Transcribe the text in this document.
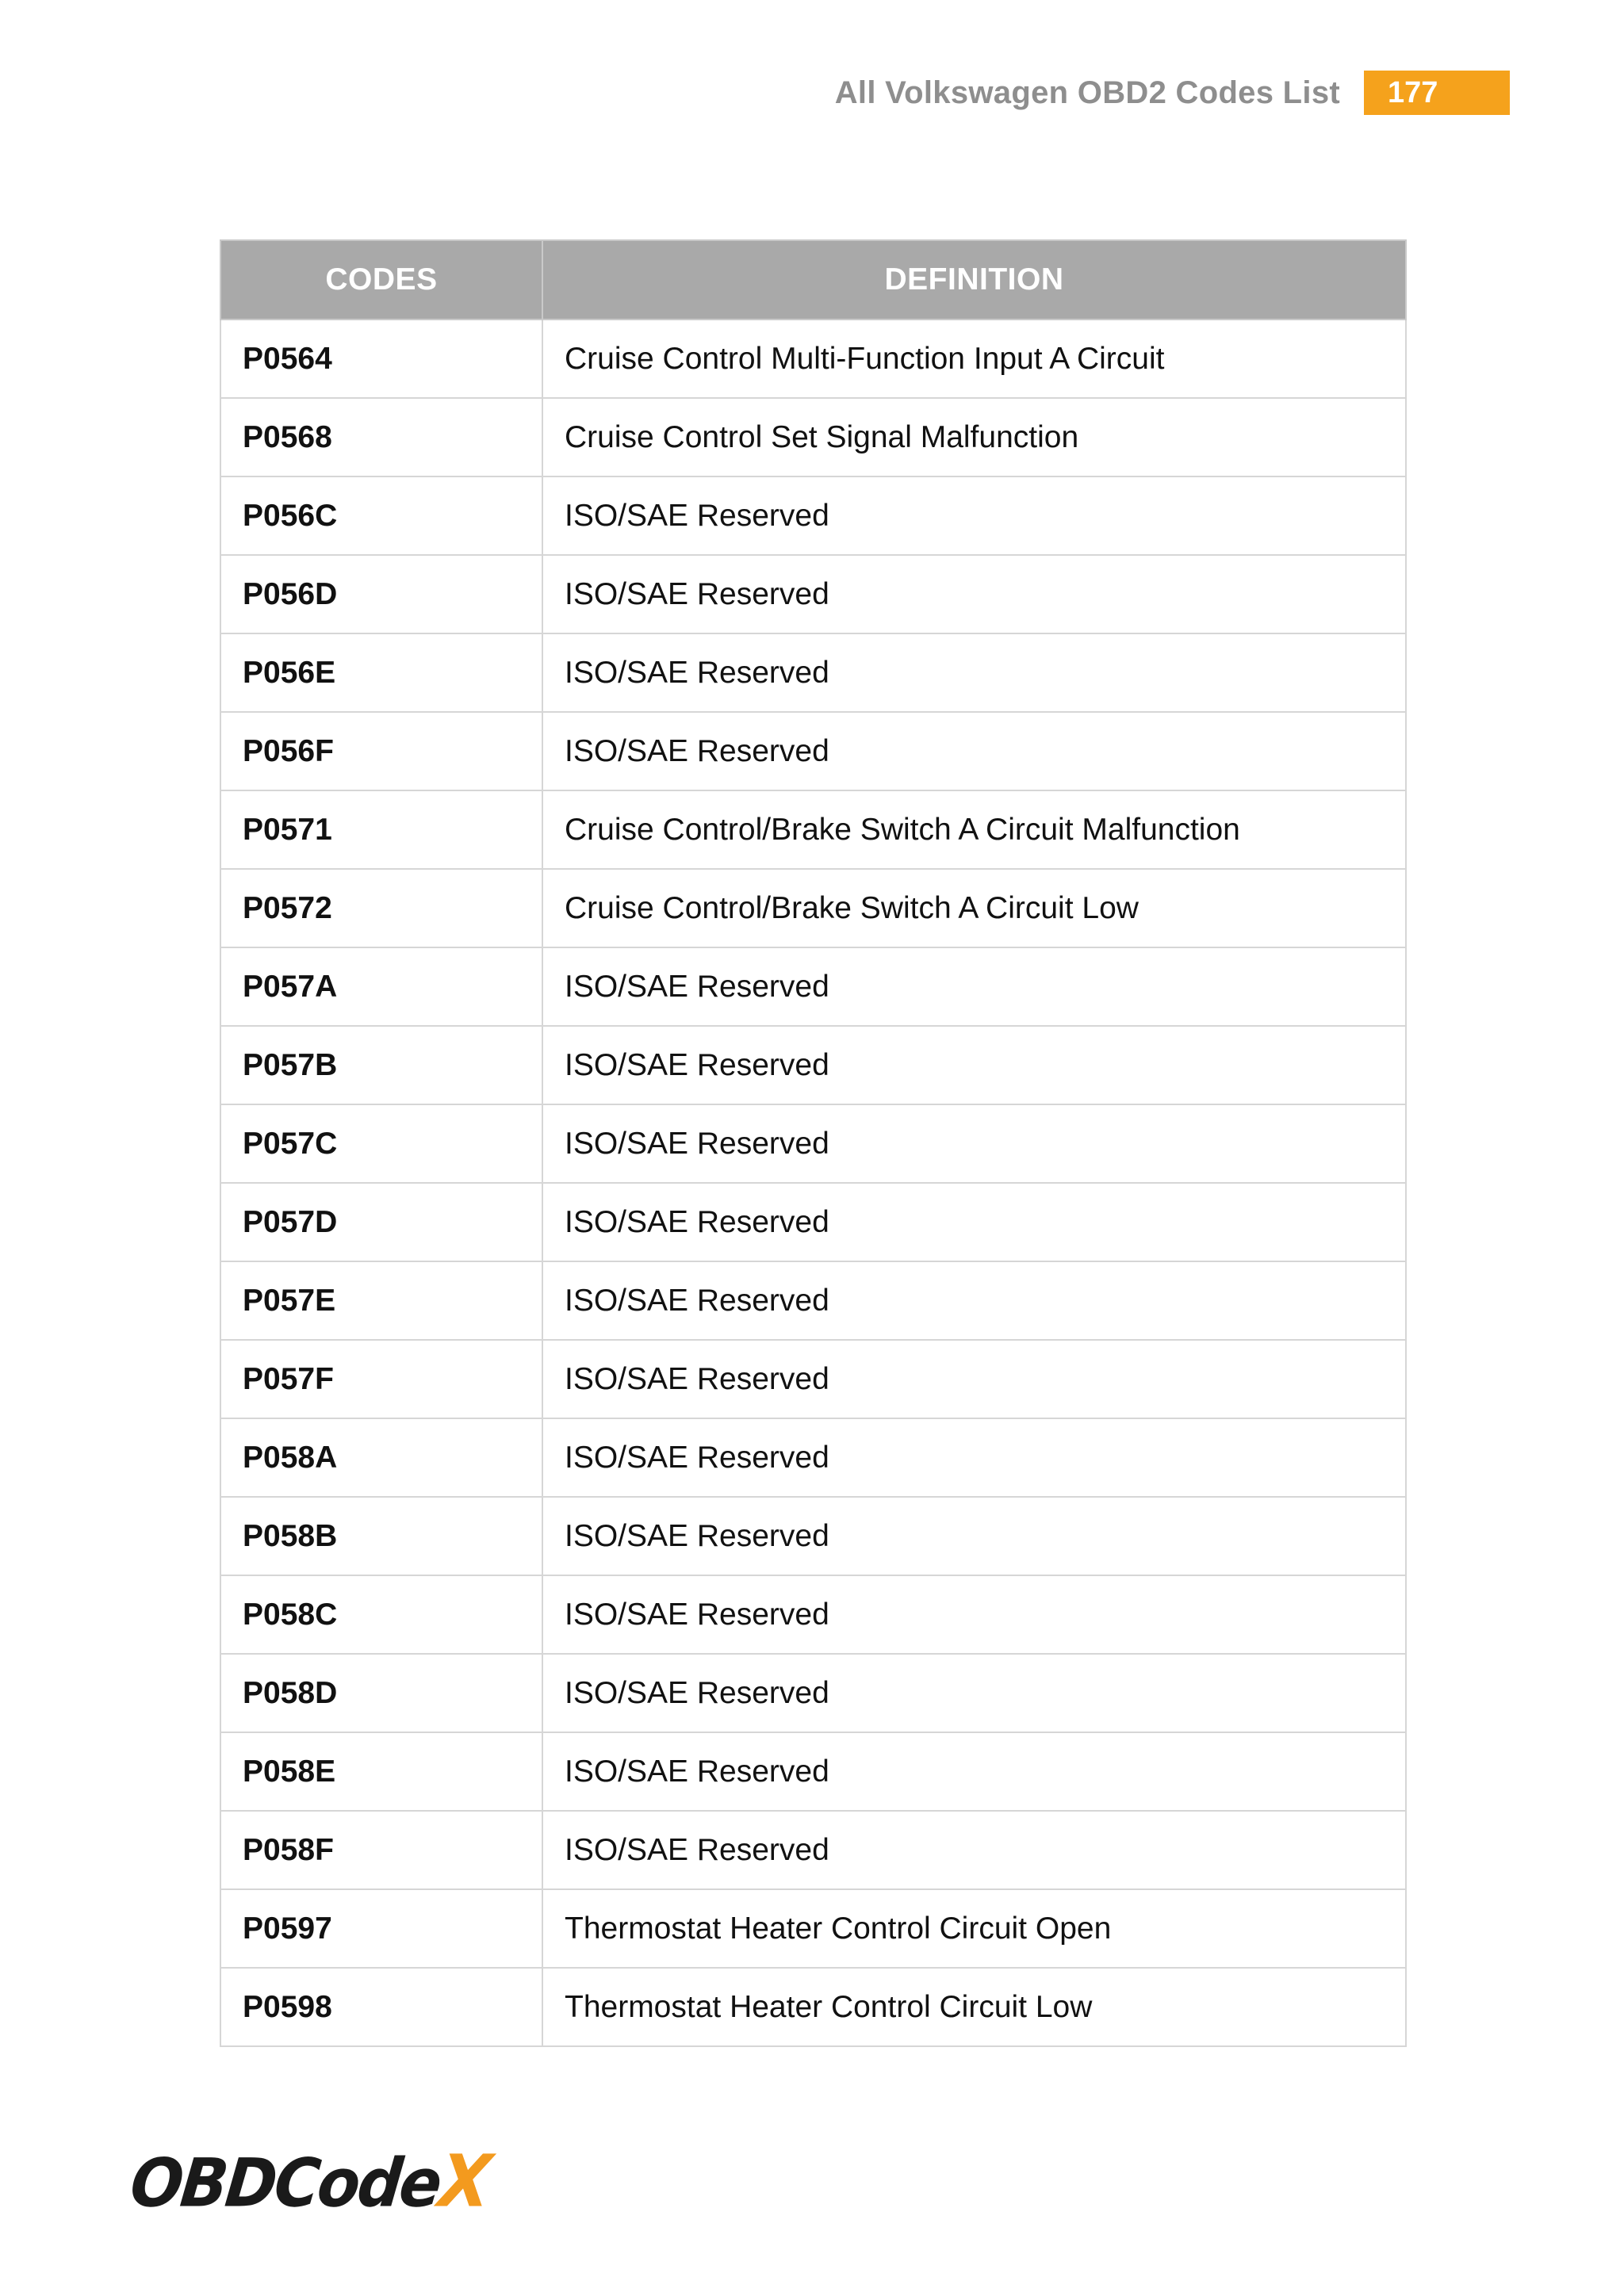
All Volkswagen OBD2 Codes List	177
CODES	DEFINITION
P0564	Cruise Control Multi-Function Input A Circuit
P0568	Cruise Control Set Signal Malfunction
P056C	ISO/SAE Reserved
P056D	ISO/SAE Reserved
P056E	ISO/SAE Reserved
P056F	ISO/SAE Reserved
P0571	Cruise Control/Brake Switch A Circuit Malfunction
P0572	Cruise Control/Brake Switch A Circuit Low
P057A	ISO/SAE Reserved
P057B	ISO/SAE Reserved
P057C	ISO/SAE Reserved
P057D	ISO/SAE Reserved
P057E	ISO/SAE Reserved
P057F	ISO/SAE Reserved
P058A	ISO/SAE Reserved
P058B	ISO/SAE Reserved
P058C	ISO/SAE Reserved
P058D	ISO/SAE Reserved
P058E	ISO/SAE Reserved
P058F	ISO/SAE Reserved
P0597	Thermostat Heater Control Circuit Open
P0598	Thermostat Heater Control Circuit Low
OBDCodeX
